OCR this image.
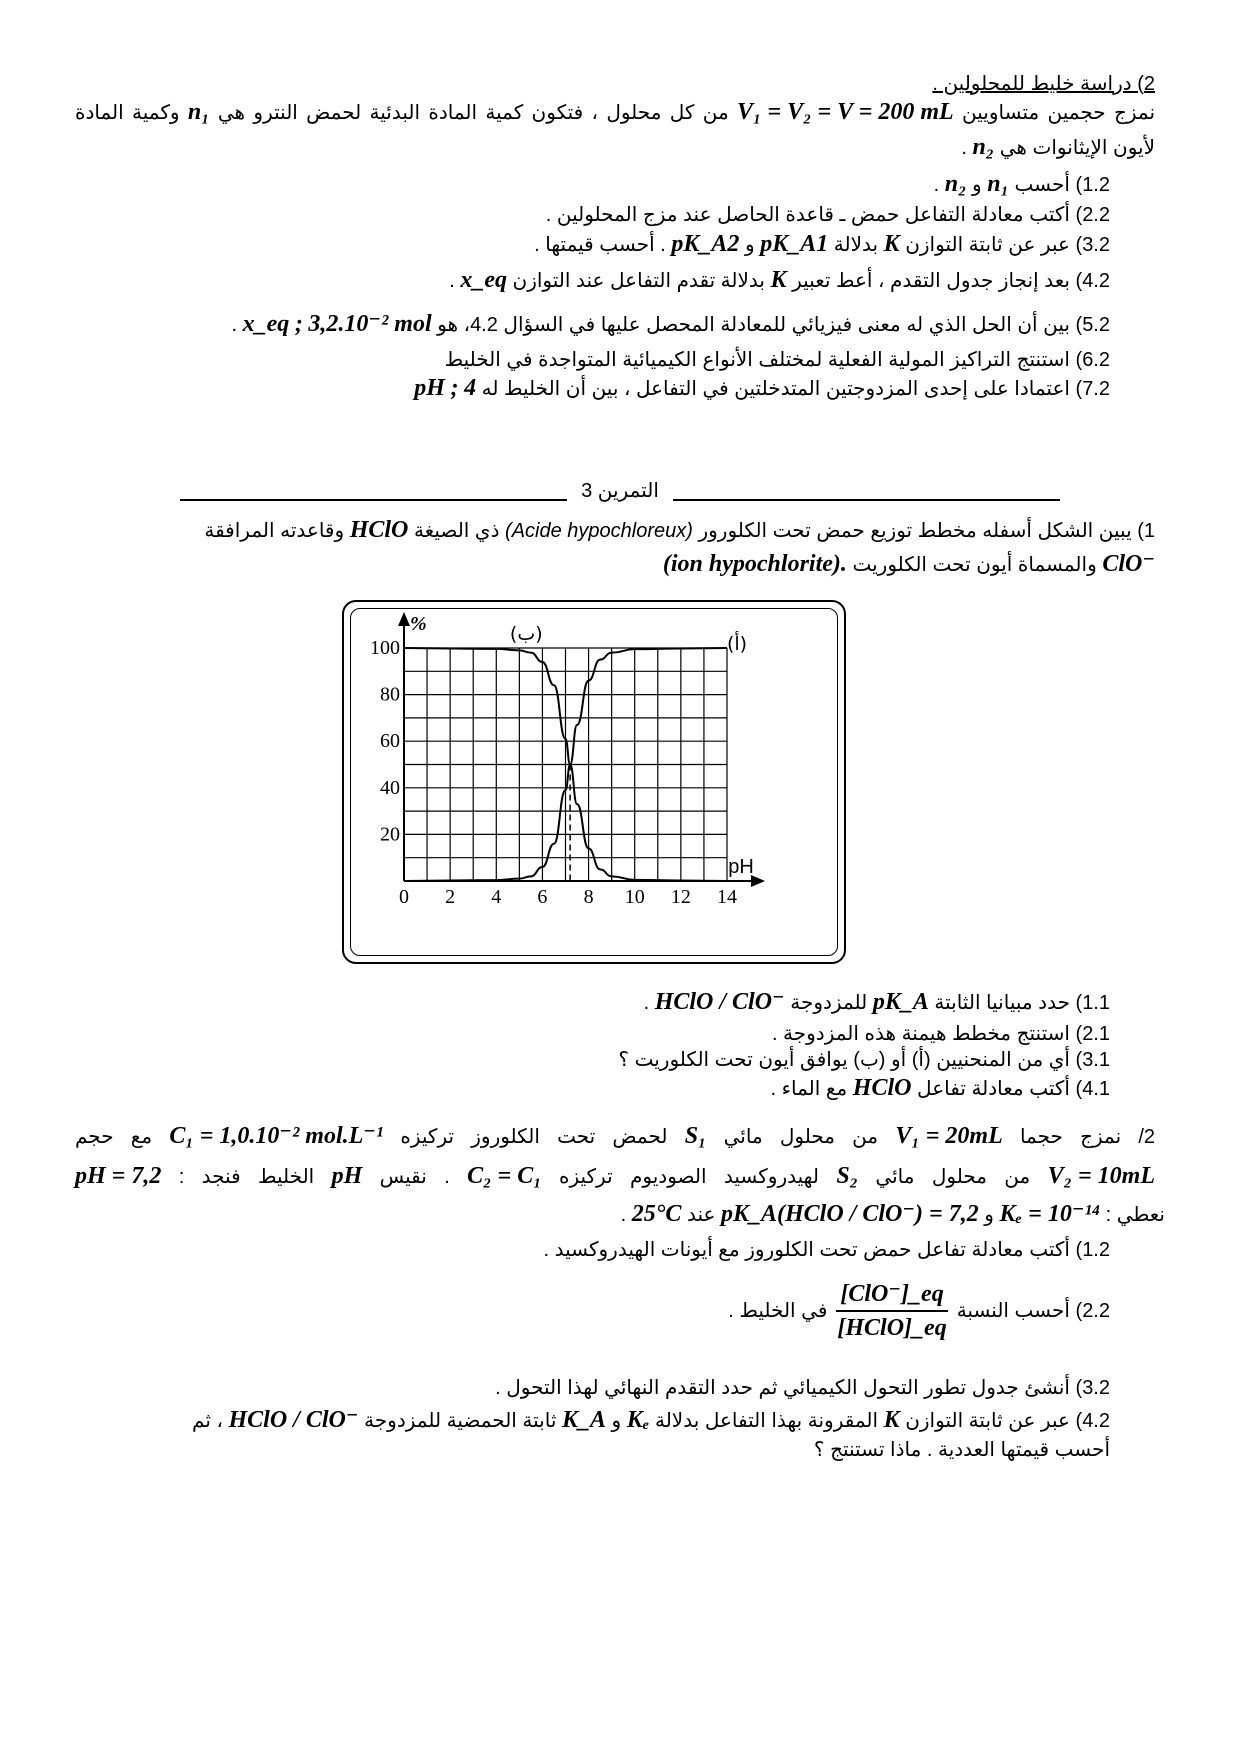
2) دراسة خليط للمحلولين .
نمزج حجمين متساويين V₁ = V₂ = V = 200 mL من كل محلول ، فتكون كمية المادة البدئية لحمض النترو هي n₁ وكمية المادة
لأيون الإيثانوات هي n₂ .
1.2) أحسب n₁ و n₂ .
2.2) أكتب معادلة التفاعل حمض ـ قاعدة الحاصل عند مزج المحلولين .
3.2) عبر عن ثابتة التوازن K بدلالة pK_A1 و pK_A2 . أحسب قيمتها .
4.2) بعد إنجاز جدول التقدم ، أعط تعبير K بدلالة تقدم التفاعل عند التوازن x_eq .
5.2) بين أن الحل الذي له معنى فيزيائي للمعادلة المحصل عليها في السؤال 4.2، هو 3,2.10⁻² mol ; x_eq .
6.2) استنتج التراكيز المولية الفعلية لمختلف الأنواع الكيميائية المتواجدة في الخليط
7.2) اعتمادا على إحدى المزدوجتين المتدخلتين في التفاعل ، بين أن الخليط له 4 ; pH
التمرين 3
1) يبين الشكل أسفله مخطط توزيع حمض تحت الكلورور (Acide hypochloreux) ذي الصيغة HClO وقاعدته المرافقة
ClO⁻ والمسماة أيون تحت الكلوريت (ion hypochlorite).
20
40
60
80
100
0 2 4 6 8 10 12 14
%
pH
(ب)	(أ)
1.1) حدد مبيانيا الثابتة pK_A للمزدوجة HClO / ClO⁻ .
2.1) استنتج مخطط هيمنة هذه المزدوجة .
3.1) أي من المنحنيين (أ) أو (ب) يوافق أيون تحت الكلوريت ؟
4.1) أكتب معادلة تفاعل HClO مع الماء .
2/ نمزج حجما V₁ = 20mL من محلول مائي S₁ لحمض تحت الكلوروز تركيزه C₁ = 1,0.10⁻² mol.L⁻¹ مع حجم
V₂ = 10mL من محلول مائي S₂ لهيدروكسيد الصوديوم تركيزه C₂ = C₁ . نقيس pH الخليط فنجد : pH = 7,2
نعطي : Kₑ = 10⁻¹⁴ و pK_A(HClO / ClO⁻) = 7,2 عند 25°C .
1.2) أكتب معادلة تفاعل حمض تحت الكلوروز مع أيونات الهيدروكسيد .
2.2)

أحسب النسبة
$\frac{\text{[ClO⁻]\_eq}}{\text{[HClO]\_eq}}$
في الخليط .
3.2) أنشئ جدول تطور التحول الكيميائي ثم حدد التقدم النهائي لهذا التحول .
4.2) عبر عن ثابتة التوازن K المقرونة بهذا التفاعل بدلالة Kₑ و K_A ثابتة الحمضية للمزدوجة HClO / ClO⁻ ، ثم
أحسب قيمتها العددية . ماذا تستنتج ؟
